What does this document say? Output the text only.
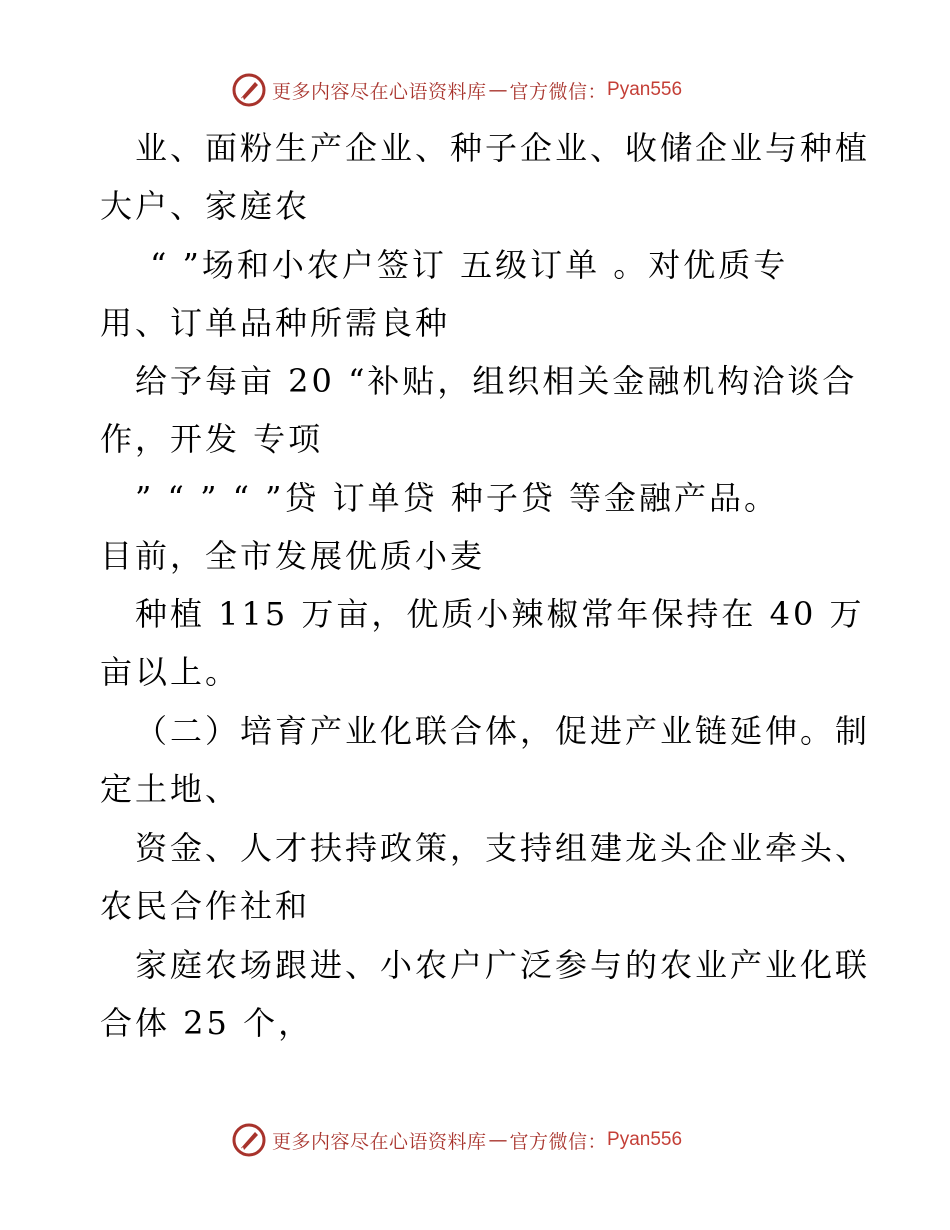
更多内容尽在心语资料库 — 官方微信： Pyan556
业、面粉生产企业、种子企业、收储企业与种植
大户、家庭农
“ ”场和小农户签订 五级订单 。对优质专
用、订单品种所需良种
给予每亩 20 “补贴，组织相关金融机构洽谈合
作，开发 专项
” “ ” “ ”贷 订单贷 种子贷 等金融产品。
目前，全市发展优质小麦
种植 115 万亩，优质小辣椒常年保持在 40 万
亩以上。
（二）培育产业化联合体，促进产业链延伸。制
定土地、
资金、人才扶持政策，支持组建龙头企业牵头、
农民合作社和
家庭农场跟进、小农户广泛参与的农业产业化联
合体 25 个，
更多内容尽在心语资料库 — 官方微信： Pyan556
